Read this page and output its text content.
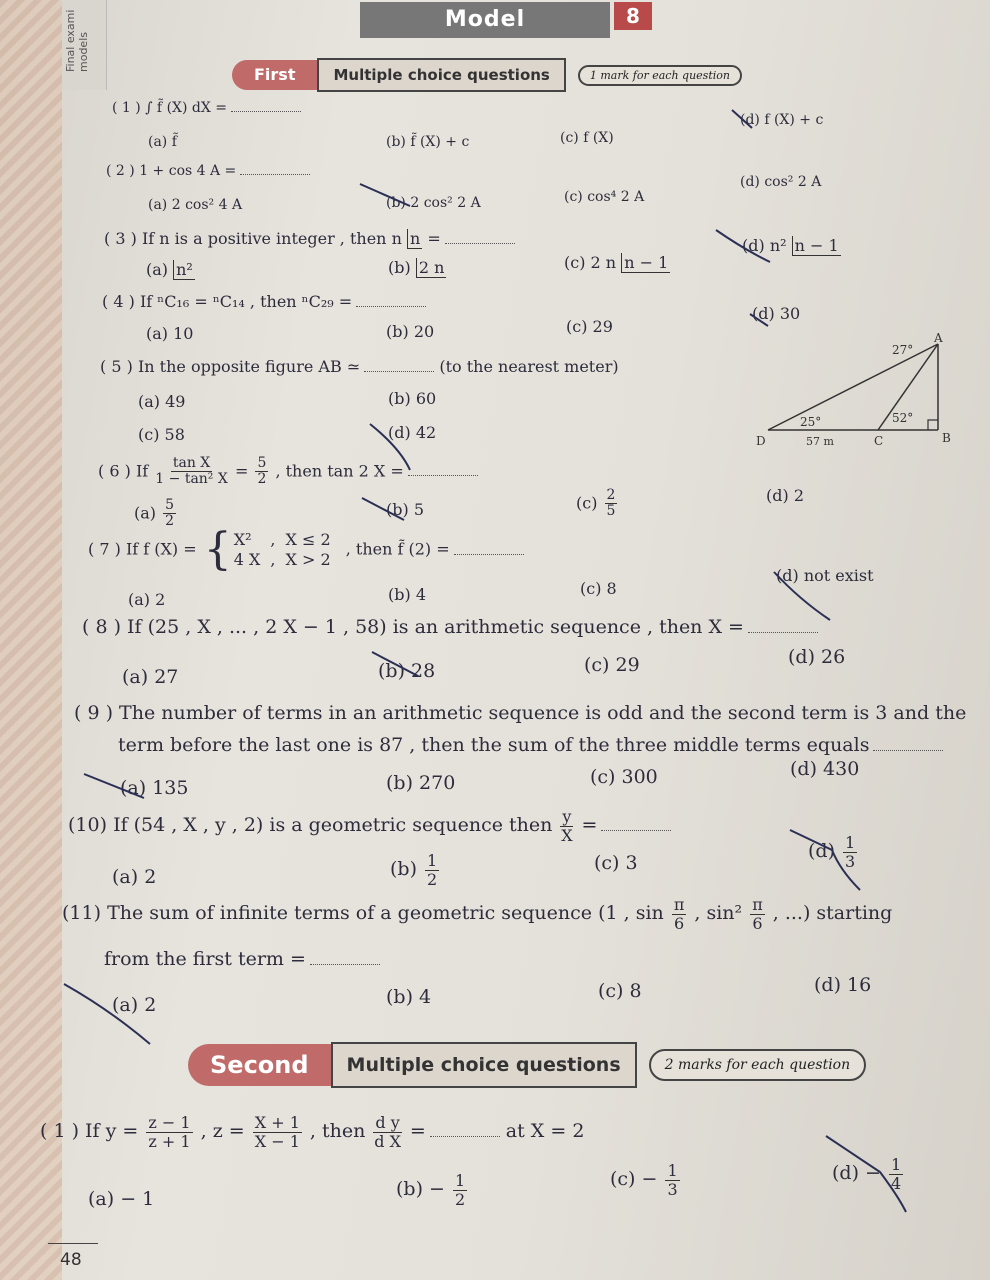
Final exami models
Model	8
First	Multiple choice questions	1 mark for each question
( 1 ) ∫ f̃ (X) dX =
(a) f̃	(b) f̃ (X) + c	(c) f (X)
(d) f (X) + c
( 2 ) 1 + cos 4 A =
(a) 2 cos² 4 A	(b) 2 cos² 2 A	(c) cos⁴ 2 A
(d) cos² 2 A
( 3 ) If n is a positive integer , then n n =
(a) n²	(b) 2 n	(c) 2 n n − 1
(d) n² n − 1
( 4 ) If ⁿC₁₆ = ⁿC₁₄ , then ⁿC₂₉ =
(a) 10	(b) 20	(c) 29
(d) 30
( 5 ) In the opposite figure AB ≃	(to the nearest meter)
(a) 49	(b) 60
(c) 58	(d) 42
27°
A
25°	52°
D	57 m	C	B
( 6 ) If $\frac{\text{tan X}}{\text{1 − tan² X}} = \frac{5}{2}$ , then tan 2 X =
$(a) \frac{5}{2}$	(b) 5	$(c) \frac{2}{5}$	(d) 2
( 7 ) If f (X) = { X²	,	X ≤ 2
4 X	,	X > 2
, then f̃ (2) =
(a) 2	(b) 4	(c) 8
(d) not exist
( 8 ) If (25 , X , ... , 2 X − 1 , 58) is an arithmetic sequence , then X =
(a) 27	(b) 28	(c) 29	(d) 26
( 9 ) The number of terms in an arithmetic sequence is odd and the second term is 3 and the
term before the last one is 87 , then the sum of the three middle terms equals
(a) 135	(b) 270	(c) 300	(d) 430
(10) If (54 , X , y , 2) is a geometric sequence then $\frac{y}{X}$ =
(a) 2	$(b) \frac{1}{2}$	(c) 3
$(d) \frac{1}{3}$
(11) The sum of infinite terms of a geometric sequence (1 , $\sin \frac{\pi}{6}$ , $\sin^2 \frac{\pi}{6}$ , ...) starting
from the first term =
(a) 2	(b) 4	(c) 8	(d) 16
Second	Multiple choice questions	2 marks for each question
( 1 ) If $y = \frac{z - 1}{z + 1}$ , $z = \frac{X + 1}{X - 1}$ , then $\frac{\text{d y}}{\text{d X}}$ =	at X = 2
(a) − 1	$(b) - \frac{1}{2}$	$(c) - \frac{1}{3}$	$(d) - \frac{1}{4}$
48
